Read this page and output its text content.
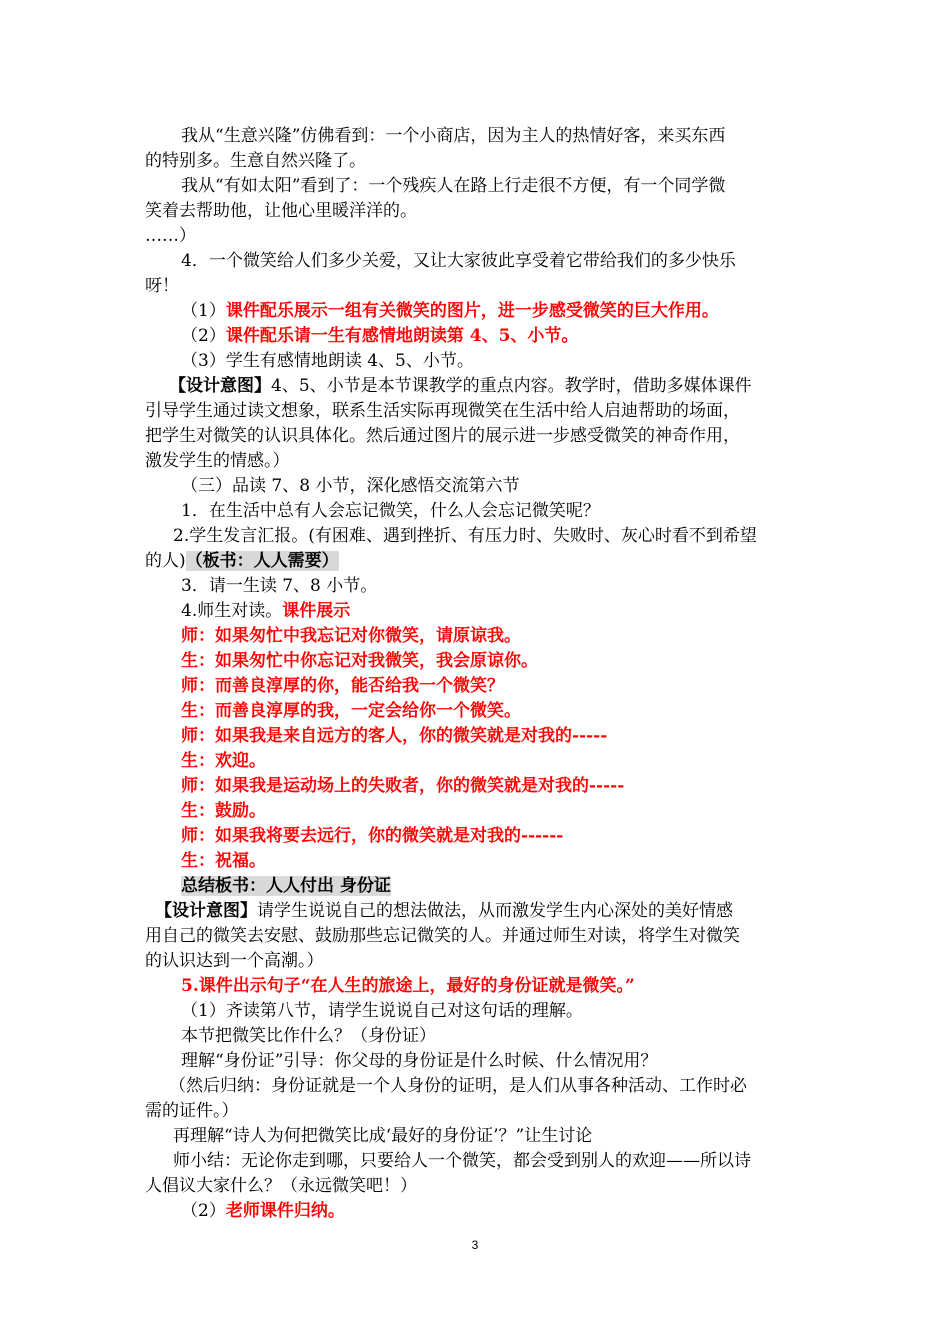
我从“生意兴隆”仿佛看到：一个小商店，因为主人的热情好客，来买东西
的特别多。生意自然兴隆了。
我从“有如太阳”看到了：一个残疾人在路上行走很不方便，有一个同学微
笑着去帮助他，让他心里暖洋洋的。
……）
4．一个微笑给人们多少关爱，又让大家彼此享受着它带给我们的多少快乐
呀！
（1）课件配乐展示一组有关微笑的图片，进一步感受微笑的巨大作用。
（2）课件配乐请一生有感情地朗读第 4、5、小节。
（3）学生有感情地朗读 4、5、小节。
【设计意图】4、5、小节是本节课教学的重点内容。教学时，借助多媒体课件
引导学生通过读文想象，联系生活实际再现微笑在生活中给人启迪帮助的场面，
把学生对微笑的认识具体化。然后通过图片的展示进一步感受微笑的神奇作用，
激发学生的情感。）
（三）品读 7、8 小节，深化感悟交流第六节
1．在生活中总有人会忘记微笑，什么人会忘记微笑呢？
2.学生发言汇报。(有困难、遇到挫折、有压力时、失败时、灰心时看不到希望
的人)（板书：人人需要）
3．请一生读 7、8 小节。
4.师生对读。课件展示
师：如果匆忙中我忘记对你微笑，请原谅我。
生：如果匆忙中你忘记对我微笑，我会原谅你。
师：而善良淳厚的你，能否给我一个微笑？
生：而善良淳厚的我，一定会给你一个微笑。
师：如果我是来自远方的客人，你的微笑就是对我的-----
生：欢迎。
师：如果我是运动场上的失败者，你的微笑就是对我的-----
生：鼓励。
师：如果我将要去远行，你的微笑就是对我的------
生：祝福。
总结板书：人人付出 身份证
【设计意图】请学生说说自己的想法做法，从而激发学生内心深处的美好情感
用自己的微笑去安慰、鼓励那些忘记微笑的人。并通过师生对读，将学生对微笑
的认识达到一个高潮。）
5.课件出示句子“在人生的旅途上，最好的身份证就是微笑。”
（1）齐读第八节，请学生说说自己对这句话的理解。
本节把微笑比作什么？（身份证）
理解“身份证”引导：你父母的身份证是什么时候、什么情况用？
（然后归纳：身份证就是一个人身份的证明，是人们从事各种活动、工作时必
需的证件。）
再理解“诗人为何把微笑比成‘最好的身份证’？”让生讨论
师小结：无论你走到哪，只要给人一个微笑，都会受到别人的欢迎——所以诗
人倡议大家什么？（永远微笑吧！）
（2）老师课件归纳。
3
